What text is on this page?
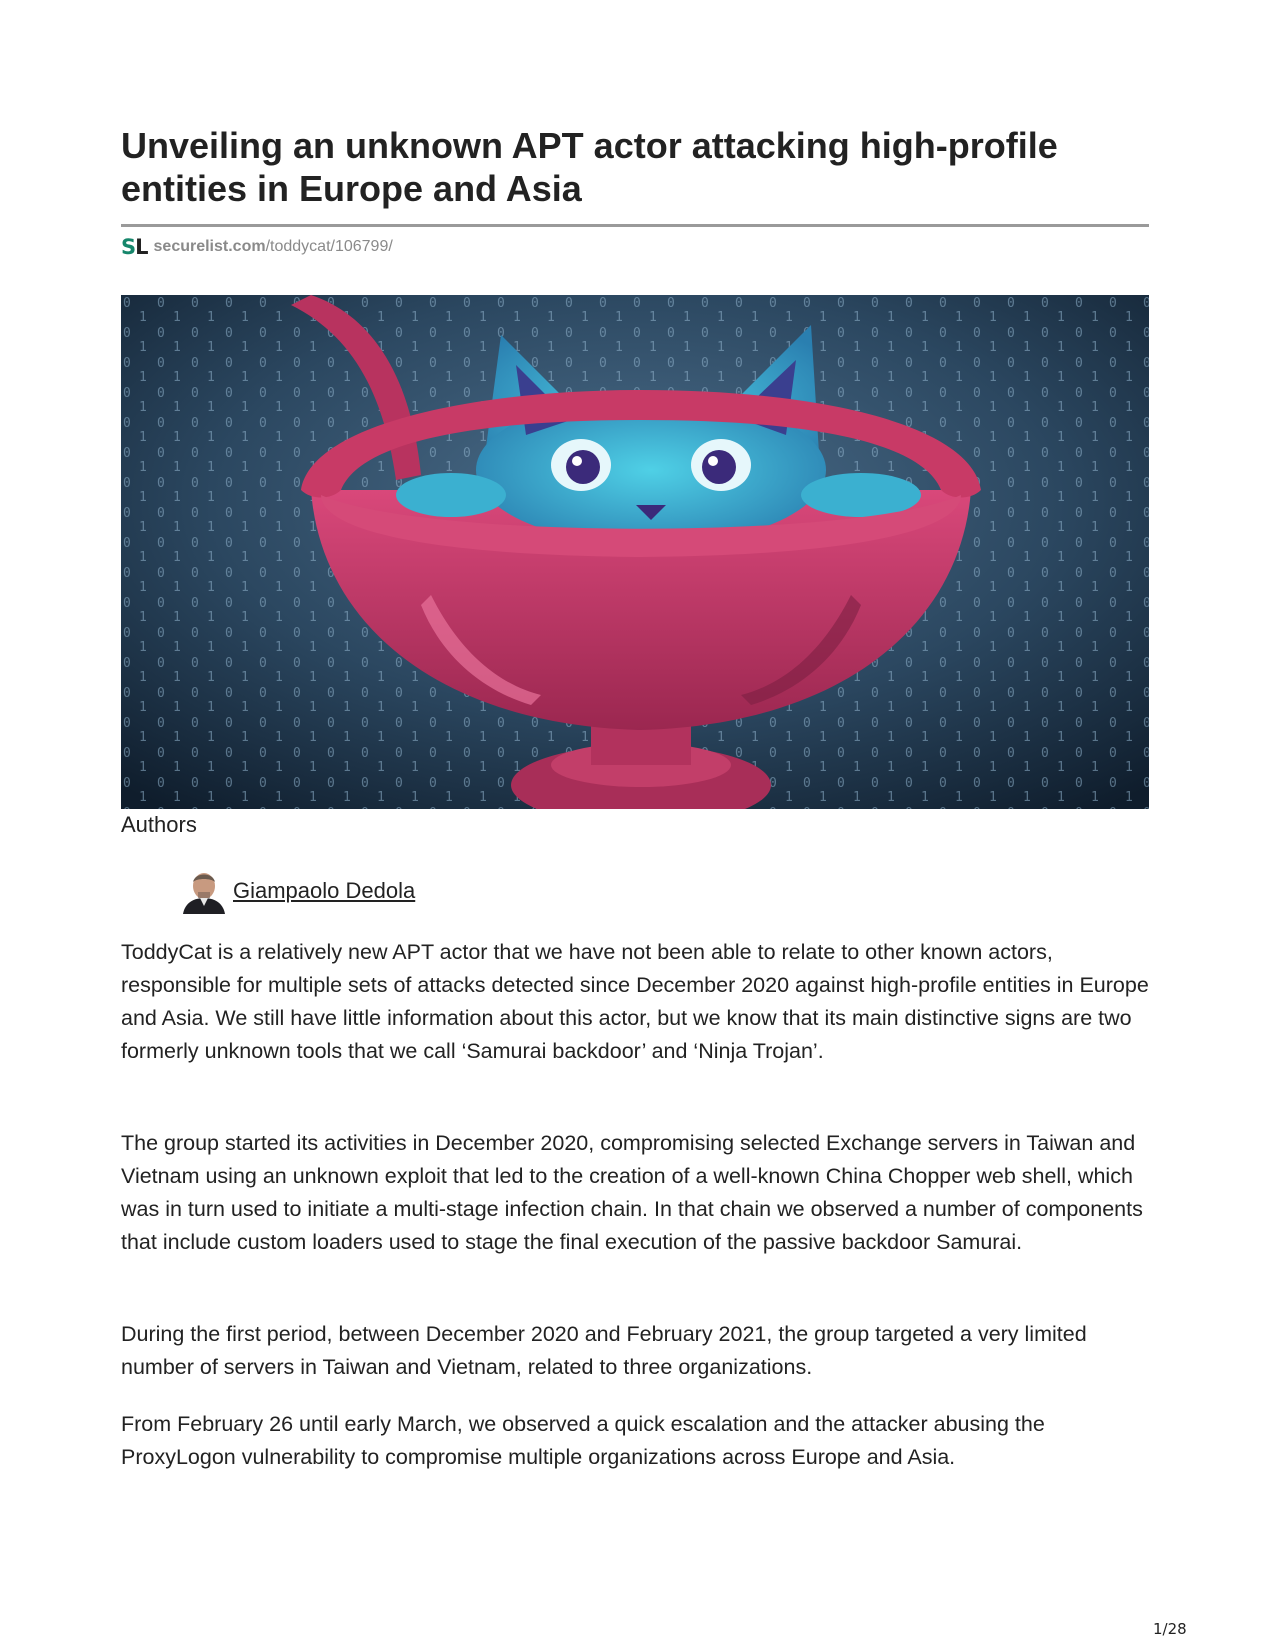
Unveiling an unknown APT actor attacking high-profile entities in Europe and Asia
SL securelist.com/toddycat/106799/
Authors
Giampaolo Dedola

ToddyCat is a relatively new APT actor that we have not been able to relate to other known actors, responsible for multiple sets of attacks detected since December 2020 against high-profile entities in Europe and Asia. We still have little information about this actor, but we know that its main distinctive signs are two formerly unknown tools that we call ‘Samurai backdoor’ and ‘Ninja Trojan’.

The group started its activities in December 2020, compromising selected Exchange servers in Taiwan and Vietnam using an unknown exploit that led to the creation of a well-known China Chopper web shell, which was in turn used to initiate a multi-stage infection chain. In that chain we observed a number of components that include custom loaders used to stage the final execution of the passive backdoor Samurai.

During the first period, between December 2020 and February 2021, the group targeted a very limited number of servers in Taiwan and Vietnam, related to three organizations.

From February 26 until early March, we observed a quick escalation and the attacker abusing the ProxyLogon vulnerability to compromise multiple organizations across Europe and Asia.

1/28
